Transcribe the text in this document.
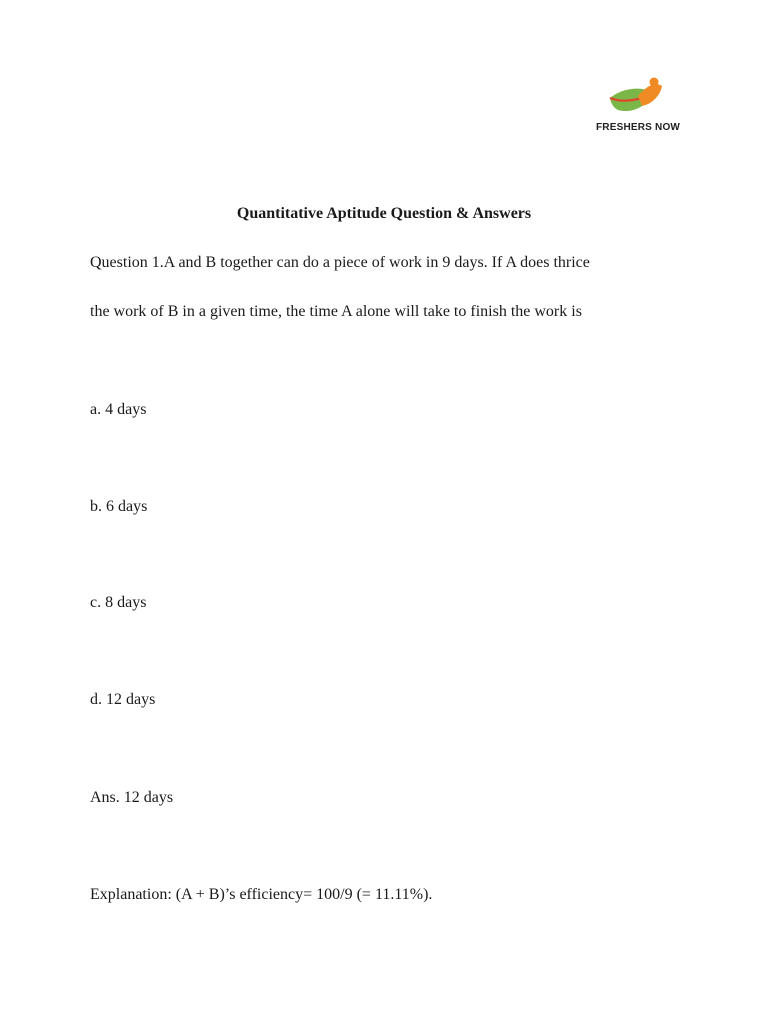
FRESHERS NOW
Quantitative Aptitude Question & Answers
Question 1.A and B together can do a piece of work in 9 days. If A does thrice
the work of B in a given time, the time A alone will take to finish the work is
a. 4 days
b. 6 days
c. 8 days
d. 12 days
Ans. 12 days
Explanation: (A + B)’s efficiency= 100/9 (= 11.11%).
